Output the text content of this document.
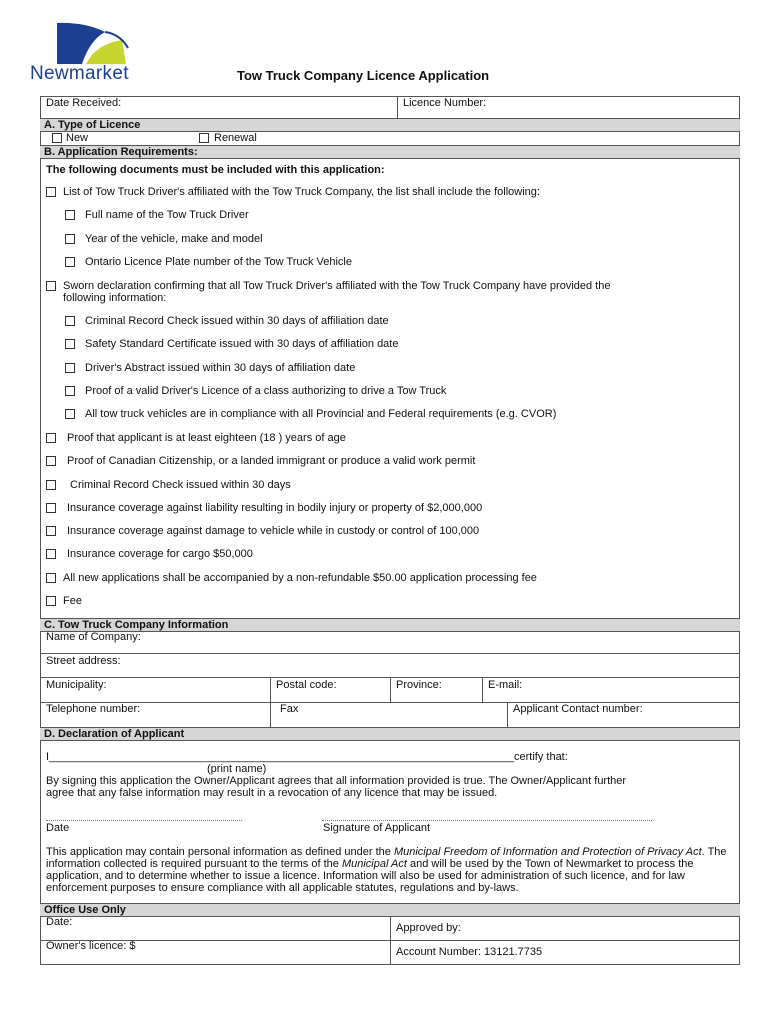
Newmarket	Tow Truck Company Licence Application
Date Received:	Licence Number:
A. Type of Licence
New	Renewal
B. Application Requirements:
The following documents must be included with this application:
List of Tow Truck Driver's affiliated with the Tow Truck Company, the list shall include the following:
Full name of the Tow Truck Driver
Year of the vehicle, make and model
Ontario Licence Plate number of the Tow Truck Vehicle
Sworn declaration confirming that all Tow Truck Driver's affiliated with the Tow Truck Company have provided the
following information:
Criminal Record Check issued within 30 days of affiliation date
Safety Standard Certificate issued with 30 days of affiliation date
Driver's Abstract issued within 30 days of affiliation date
Proof of a valid Driver's Licence of a class authorizing to drive a Tow Truck
All tow truck vehicles are in compliance with all Provincial and Federal requirements (e.g. CVOR)
Proof that applicant is at least eighteen (18 ) years of age
Proof of Canadian Citizenship, or a landed immigrant or produce a valid work permit
Criminal Record Check issued within 30 days
Insurance coverage against liability resulting in bodily injury or property of $2,000,000
Insurance coverage against damage to vehicle while in custody or control of 100,000
Insurance coverage for cargo $50,000
All new applications shall be accompanied by a non-refundable $50.00 application processing fee
Fee
C. Tow Truck Company Information
Name of Company:
Street address:
Municipality:	Postal code:	Province:	E-mail:
Telephone number:	Fax	Applicant Contact number:
D. Declaration of Applicant
I____________________________________________________________________________certify that:
(print name)
By signing this application the Owner/Applicant agrees that all information provided is true. The Owner/Applicant further
agree that any false information may result in a revocation of any licence that may be issued.
Date	Signature of Applicant
This application may contain personal information as defined under the Municipal Freedom of Information and Protection of Privacy Act. The information collected is required pursuant to the terms of the Municipal Act and will be used by the Town of Newmarket to process the application, and to determine whether to issue a licence. Information will also be used for administration of such licence, and for law enforcement purposes to ensure compliance with all applicable statutes, regulations and by-laws.
Office Use Only
Date:	Approved by:
Owner's licence: $	Account Number: 13121.7735
